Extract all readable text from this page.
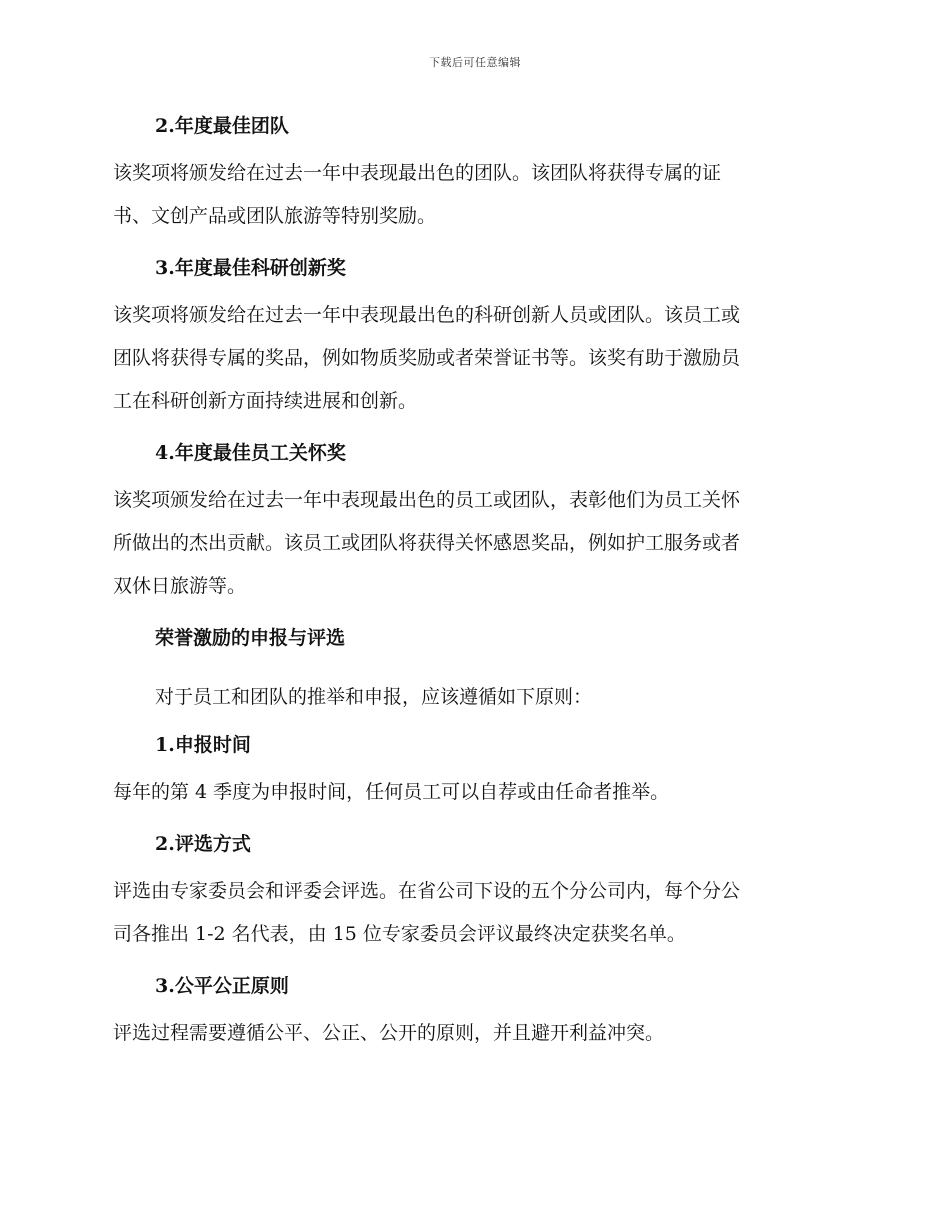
下载后可任意编辑
2.年度最佳团队

该奖项将颁发给在过去一年中表现最出色的团队。该团队将获得专属的证

书、文创产品或团队旅游等特别奖励。

3.年度最佳科研创新奖

该奖项将颁发给在过去一年中表现最出色的科研创新人员或团队。该员工或

团队将获得专属的奖品，例如物质奖励或者荣誉证书等。该奖有助于激励员

工在科研创新方面持续进展和创新。

4.年度最佳员工关怀奖

该奖项颁发给在过去一年中表现最出色的员工或团队，表彰他们为员工关怀

所做出的杰出贡献。该员工或团队将获得关怀感恩奖品，例如护工服务或者

双休日旅游等。

荣誉激励的申报与评选

对于员工和团队的推举和申报，应该遵循如下原则：

1.申报时间

每年的第 4 季度为申报时间，任何员工可以自荐或由任命者推举。

2.评选方式

评选由专家委员会和评委会评选。在省公司下设的五个分公司内，每个分公

司各推出 1-2 名代表，由 15 位专家委员会评议最终决定获奖名单。

3.公平公正原则

评选过程需要遵循公平、公正、公开的原则，并且避开利益冲突。
